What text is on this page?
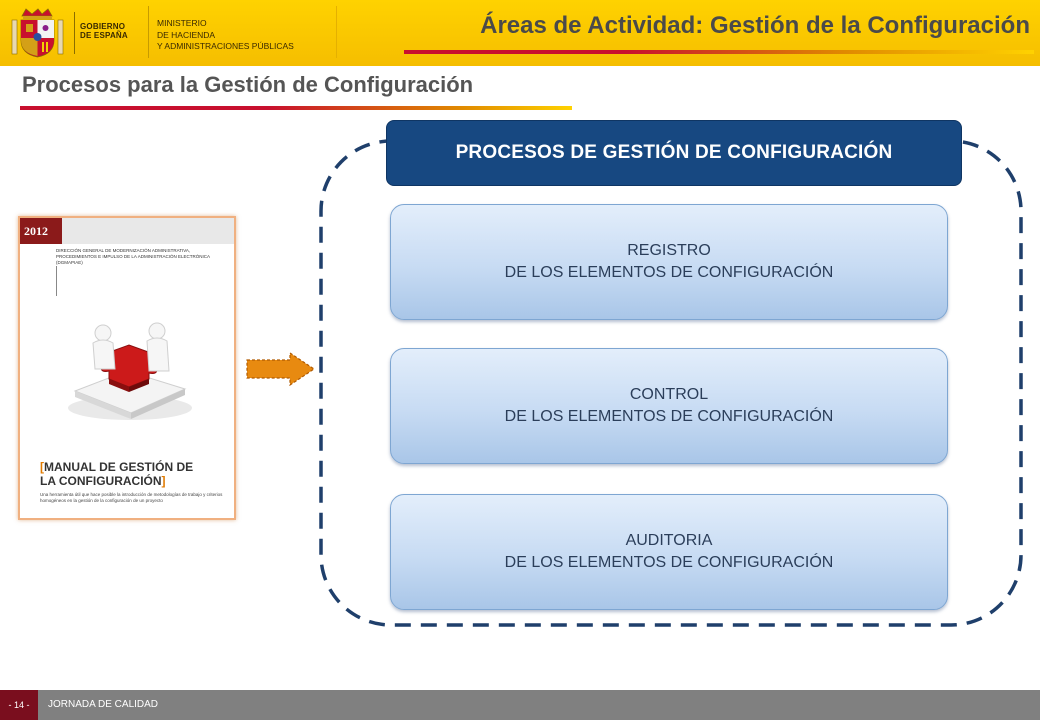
GOBIERNO
DE ESPAÑA
MINISTERIO
DE HACIENDA
Y ADMINISTRACIONES PÚBLICAS
Áreas de Actividad: Gestión de la Configuración
Procesos para la Gestión de Configuración
2012
DIRECCIÓN GENERAL DE MODERNIZACIÓN ADMINISTRATIVA, PROCEDIMIENTOS E IMPULSO DE LA ADMINISTRACIÓN ELECTRÓNICA (DGMAPIAE)
[MANUAL DE GESTIÓN DE
LA CONFIGURACIÓN]
Una herramienta útil que hace posible la introducción de metodologías de trabajo y criterios homogéneos en la gestión de la configuración de un proyecto
PROCESOS DE GESTIÓN DE CONFIGURACIÓN
REGISTRO
DE LOS ELEMENTOS DE CONFIGURACIÓN
CONTROL
DE LOS ELEMENTOS DE CONFIGURACIÓN
AUDITORIA
DE LOS ELEMENTOS DE CONFIGURACIÓN
- 14 -	JORNADA DE CALIDAD
